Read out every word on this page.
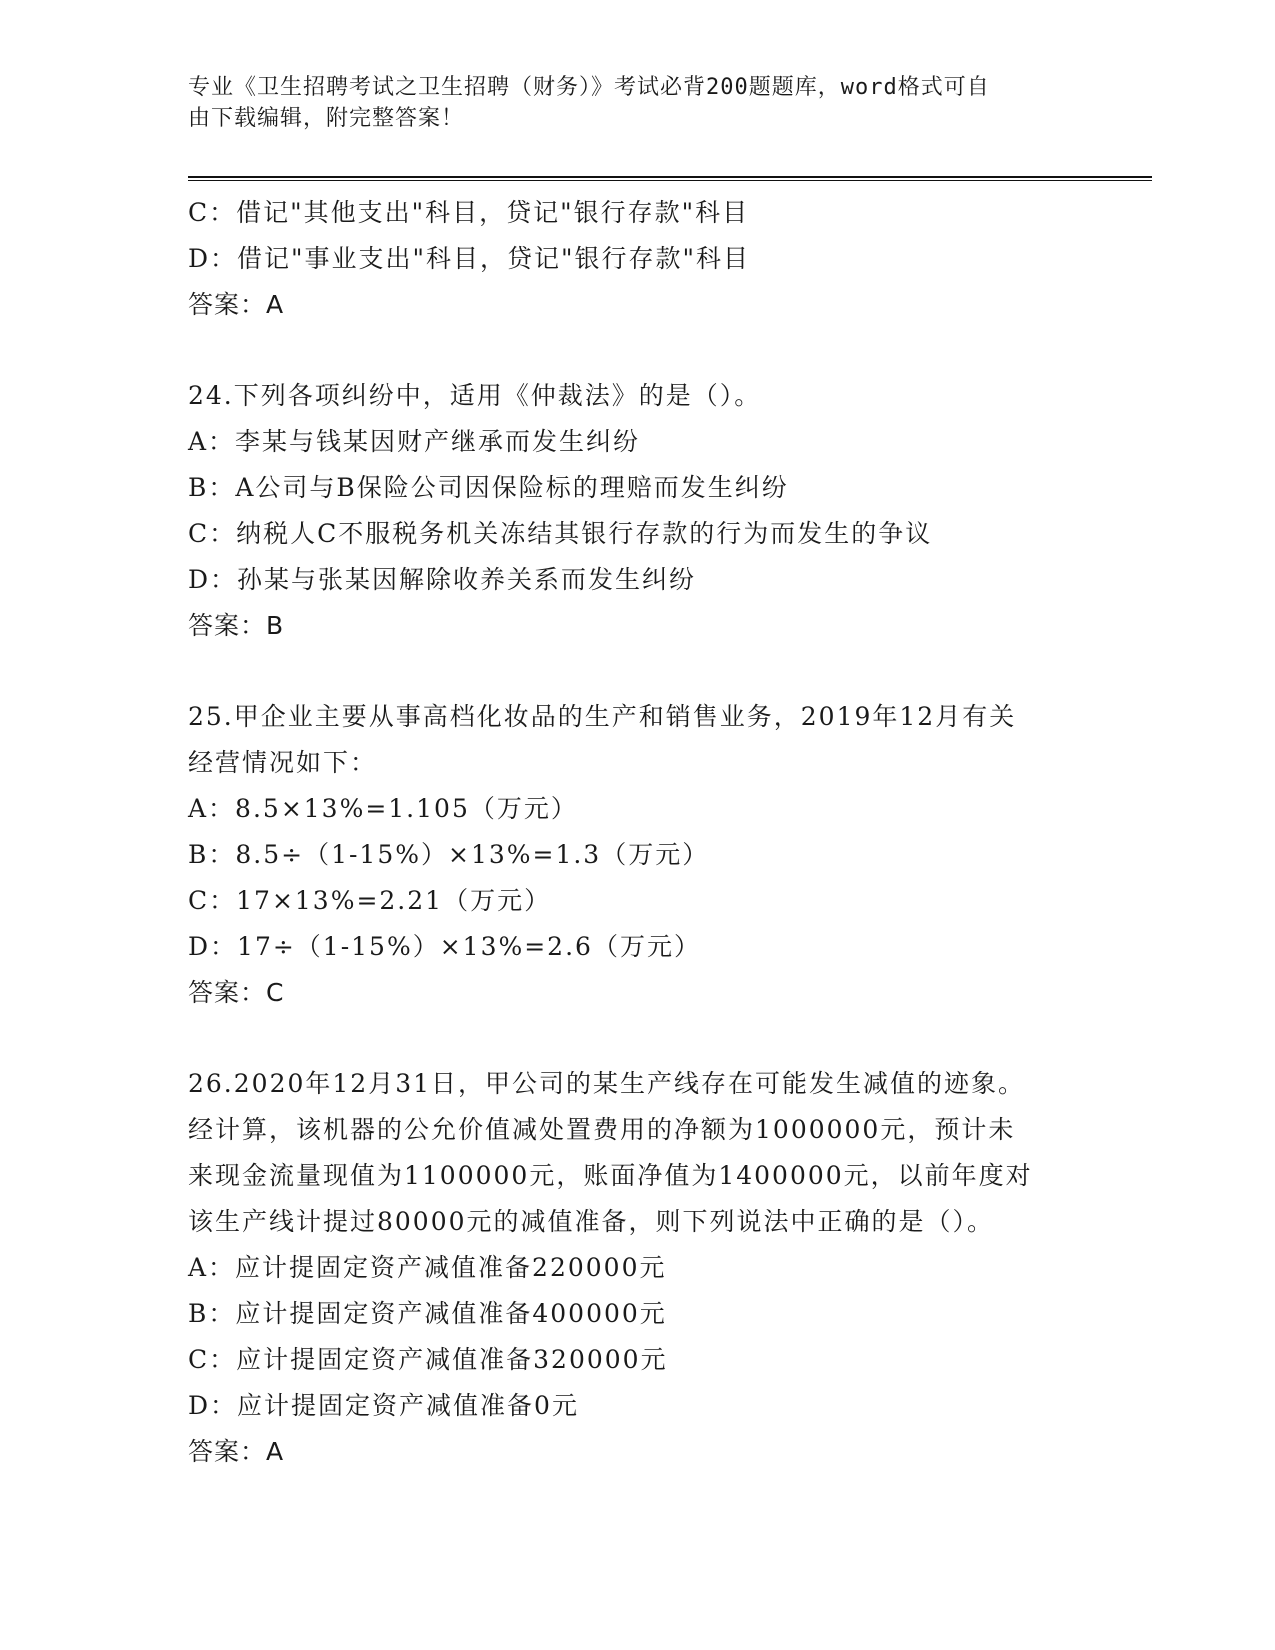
专业《卫生招聘考试之卫生招聘（财务）》考试必背200题题库，word格式可自
由下载编辑，附完整答案！
C：借记"其他支出"科目，贷记"银行存款"科目
D：借记"事业支出"科目，贷记"银行存款"科目
答案：A
24.下列各项纠纷中，适用《仲裁法》的是（）。
A：李某与钱某因财产继承而发生纠纷
B：A公司与B保险公司因保险标的理赔而发生纠纷
C：纳税人C不服税务机关冻结其银行存款的行为而发生的争议
D：孙某与张某因解除收养关系而发生纠纷
答案：B
25.甲企业主要从事高档化妆品的生产和销售业务，2019年12月有关
经营情况如下：
A：8.5×13%=1.105（万元）
B：8.5÷（1-15%）×13%=1.3（万元）
C：17×13%=2.21（万元）
D：17÷（1-15%）×13%=2.6（万元）
答案：C
26.2020年12月31日，甲公司的某生产线存在可能发生减值的迹象。
经计算，该机器的公允价值减处置费用的净额为1000000元，预计未
来现金流量现值为1100000元，账面净值为1400000元，以前年度对
该生产线计提过80000元的减值准备，则下列说法中正确的是（）。
A：应计提固定资产减值准备220000元
B：应计提固定资产减值准备400000元
C：应计提固定资产减值准备320000元
D：应计提固定资产减值准备0元
答案：A
